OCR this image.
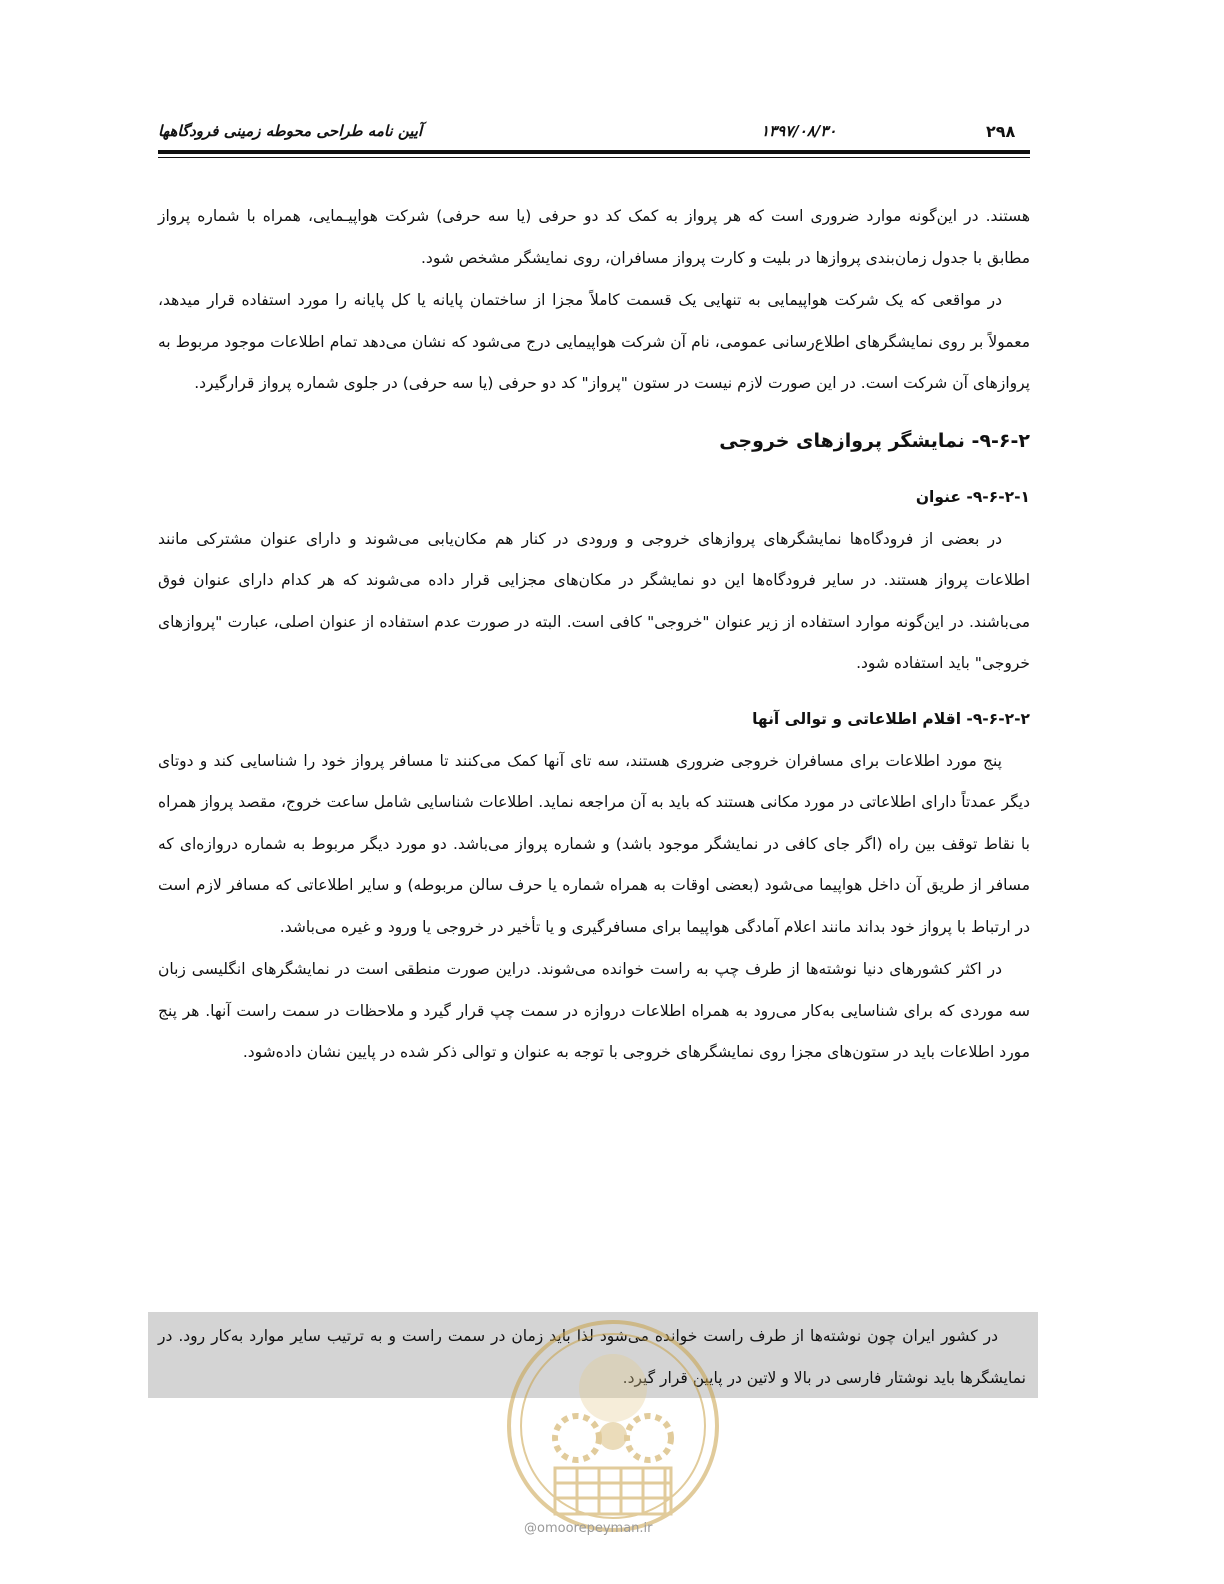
۲۹۸
۱۳۹۷/۰۸/۳۰
آیین نامه طراحی محوطه زمینی فرودگاهها

هستند. در این‌گونه موارد ضروری است که هر پرواز به کمک کد دو حرفی (یا سه حرفی) شرکت هواپیـمایی، همراه با شماره پرواز مطابق با جدول زمان‌بندی پروازها در بلیت و کارت پرواز مسافران، روی نمایشگر مشخص شود.

در مواقعی که یک شرکت هواپیمایی به تنهایی یک قسمت کاملاً مجزا از ساختمان پایانه یا کل پایانه را مورد استفاده قرار میدهد، معمولاً بر روی نمایشگرهای اطلاع‌رسانی عمومی، نام آن شرکت هواپیمایی درج می‌شود که نشان می‌دهد تمام اطلاعات موجود مربوط به پروازهای آن شرکت است. در این صورت لازم نیست در ستون "پرواز" کد دو حرفی (یا سه حرفی) در جلوی شماره پرواز قرارگیرد.

۹-۶-۲- نمایشگر پروازهای خروجی
۹-۶-۲-۱- عنوان

در بعضی از فرودگاه‌ها نمایشگرهای پروازهای خروجی و ورودی در کنار هم مکان‌یابی می‌شوند و دارای عنوان مشترکی مانند اطلاعات پرواز هستند. در سایر فرودگاه‌ها این دو نمایشگر در مکان‌های مجزایی قرار داده می‌شوند که هر کدام دارای عنوان فوق می‌باشند. در این‌گونه موارد استفاده از زیر عنوان "خروجی" کافی است. البته در صورت عدم استفاده از عنوان اصلی، عبارت "پروازهای خروجی" باید استفاده شود.

۹-۶-۲-۲- اقلام اطلاعاتی و توالی آنها

پنج مورد اطلاعات برای مسافران خروجی ضروری هستند، سه تای آنها کمک می‌کنند تا مسافر پرواز خود را شناسایی کند و دوتای دیگر عمدتاً دارای اطلاعاتی در مورد مکانی هستند که باید به آن مراجعه نماید. اطلاعات شناسایی شامل ساعت خروج، مقصد پرواز همراه با نقاط توقف بین راه (اگر جای کافی در نمایشگر موجود باشد) و شماره پرواز می‌باشد. دو مورد دیگر مربوط به شماره دروازه‌ای که مسافر از طریق آن داخل هواپیما می‌شود (بعضی اوقات به همراه شماره یا حرف سالن مربوطه) و سایر اطلاعاتی که مسافر لازم است در ارتباط با پرواز خود بداند مانند اعلام آمادگی هواپیما برای مسافرگیری و یا تأخیر در خروجی یا ورود و غیره می‌باشد.

در اکثر کشورهای دنیا نوشته‌ها از طرف چپ به راست خوانده می‌شوند. دراین صورت منطقی است در نمایشگرهای انگلیسی زبان سه موردی که برای شناسایی به‌کار می‌رود به همراه اطلاعات دروازه در سمت چپ قرار گیرد و ملاحظات در سمت راست آنها. هر پنج مورد اطلاعات باید در ستون‌های مجزا روی نمایشگرهای خروجی با توجه به عنوان و توالی ذکر شده در پایین نشان داده‌شود.

در کشور ایران چون نوشته‌ها از طرف راست خوانده می‌شود لذا باید زمان در سمت راست و به ترتیب سایر موارد به‌کار رود. در نمایشگرها باید نوشتار فارسی در بالا و لاتین در پایین قرار گیرد.

@omoorepeyman.ir
